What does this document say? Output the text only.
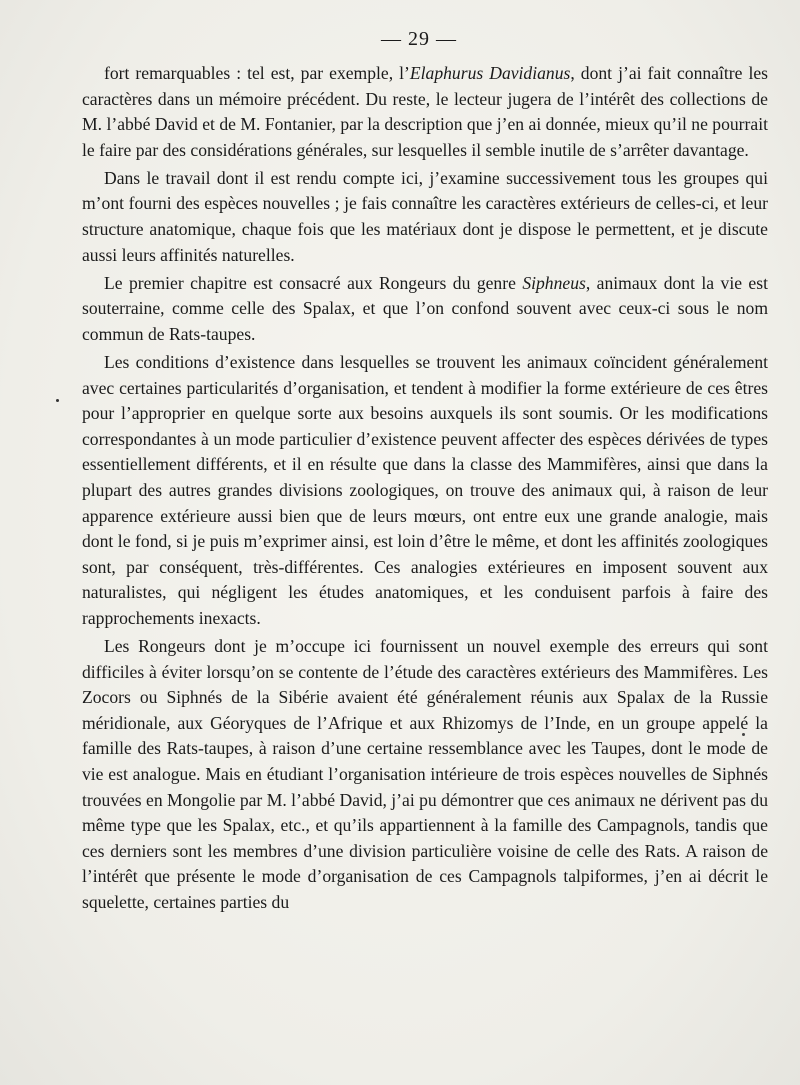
— 29 —

fort remarquables : tel est, par exemple, l’Elaphurus Davidianus, dont j’ai fait connaître les caractères dans un mémoire précédent. Du reste, le lecteur jugera de l’intérêt des collections de M. l’abbé David et de M. Fontanier, par la description que j’en ai donnée, mieux qu’il ne pourrait le faire par des considérations générales, sur lesquelles il semble inutile de s’arrêter davantage.

Dans le travail dont il est rendu compte ici, j’examine successivement tous les groupes qui m’ont fourni des espèces nouvelles ; je fais connaître les caractères extérieurs de celles-ci, et leur structure anatomique, chaque fois que les matériaux dont je dispose le permettent, et je discute aussi leurs affinités naturelles.

Le premier chapitre est consacré aux Rongeurs du genre Siphneus, animaux dont la vie est souterraine, comme celle des Spalax, et que l’on confond souvent avec ceux-ci sous le nom commun de Rats-taupes.

Les conditions d’existence dans lesquelles se trouvent les animaux coïncident généralement avec certaines particularités d’organisation, et tendent à modifier la forme extérieure de ces êtres pour l’approprier en quelque sorte aux besoins auxquels ils sont soumis. Or les modifications correspondantes à un mode particulier d’existence peuvent affecter des espèces dérivées de types essentiellement différents, et il en résulte que dans la classe des Mammifères, ainsi que dans la plupart des autres grandes divisions zoologiques, on trouve des animaux qui, à raison de leur apparence extérieure aussi bien que de leurs mœurs, ont entre eux une grande analogie, mais dont le fond, si je puis m’exprimer ainsi, est loin d’être le même, et dont les affinités zoologiques sont, par conséquent, très-différentes. Ces analogies extérieures en imposent souvent aux naturalistes, qui négligent les études anatomiques, et les conduisent parfois à faire des rapprochements inexacts.

Les Rongeurs dont je m’occupe ici fournissent un nouvel exemple des erreurs qui sont difficiles à éviter lorsqu’on se contente de l’étude des caractères extérieurs des Mammifères. Les Zocors ou Siphnés de la Sibérie avaient été généralement réunis aux Spalax de la Russie méridionale, aux Géoryques de l’Afrique et aux Rhizomys de l’Inde, en un groupe appelé la famille des Rats-taupes, à raison d’une certaine ressemblance avec les Taupes, dont le mode de vie est analogue. Mais en étudiant l’organisation intérieure de trois espèces nouvelles de Siphnés trouvées en Mongolie par M. l’abbé David, j’ai pu démontrer que ces animaux ne dérivent pas du même type que les Spalax, etc., et qu’ils appartiennent à la famille des Campagnols, tandis que ces derniers sont les membres d’une division particulière voisine de celle des Rats. A raison de l’intérêt que présente le mode d’organisation de ces Campagnols talpiformes, j’en ai décrit le squelette, certaines parties du
